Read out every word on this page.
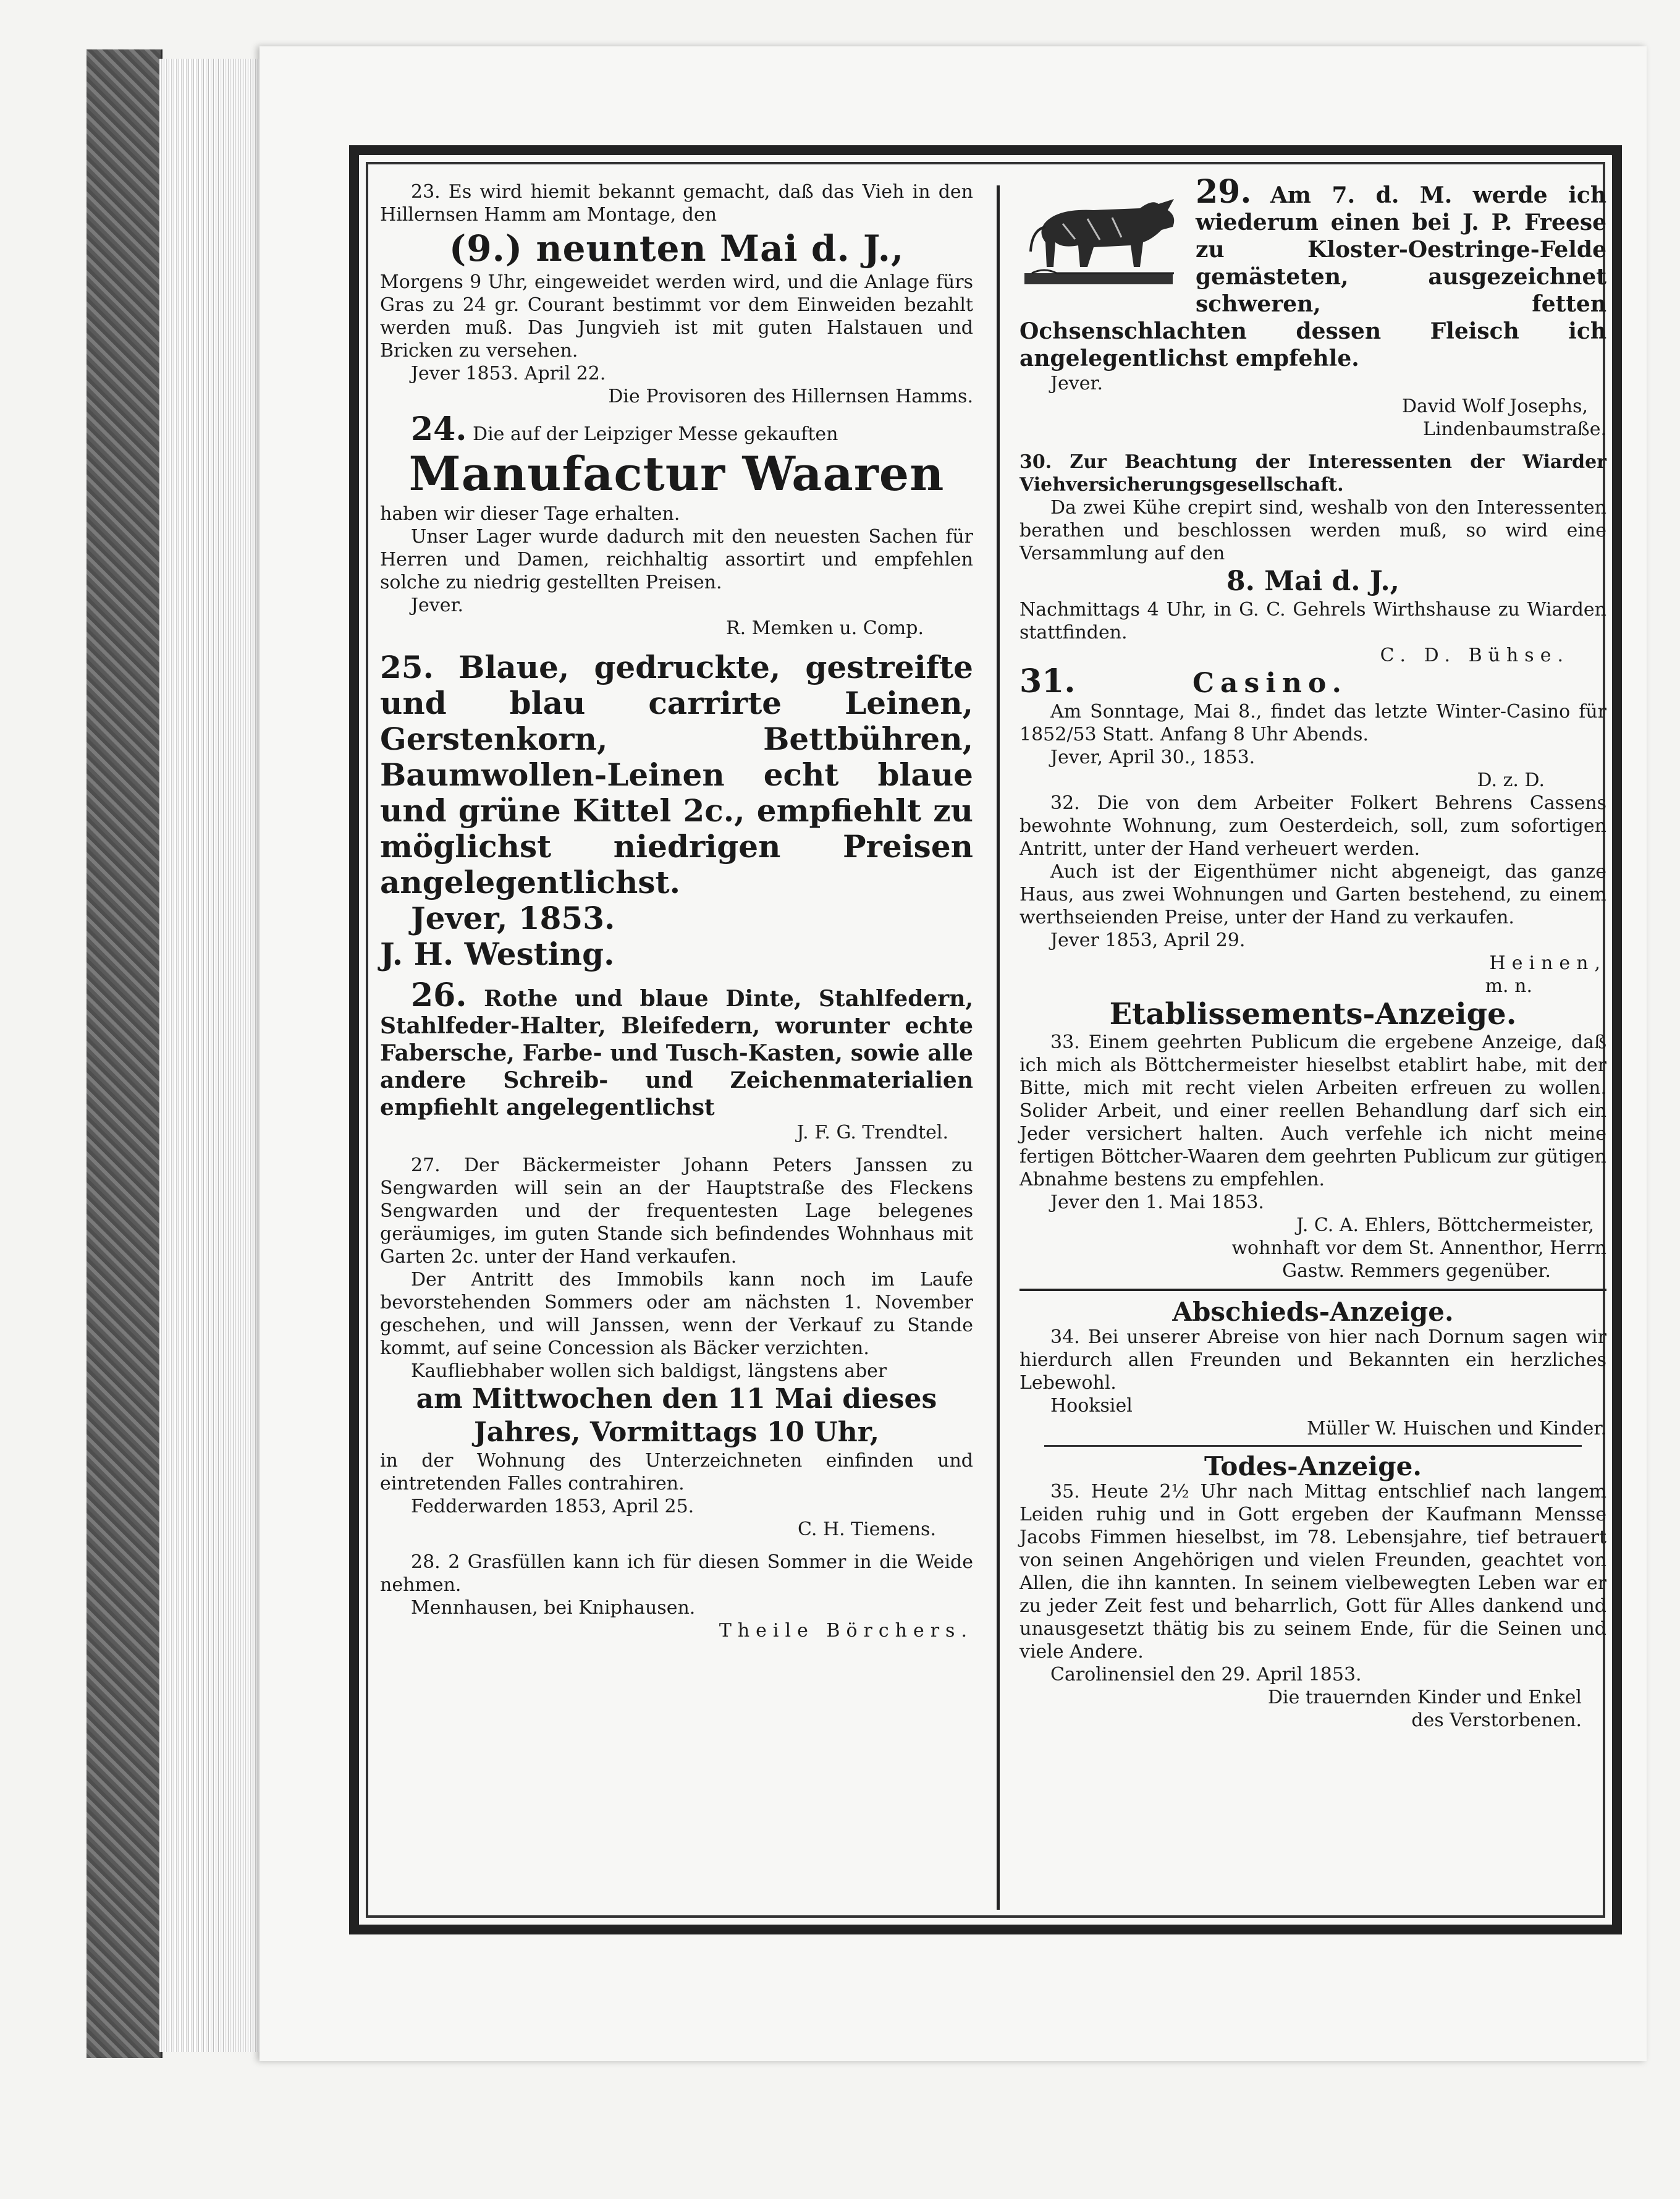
23. Es wird hiemit bekannt gemacht, daß das Vieh in den Hillernsen Hamm am Montage, den

(9.) neunten Mai d. J.,

Morgens 9 Uhr, eingeweidet werden wird, und die Anlage fürs Gras zu 24 gr. Courant bestimmt vor dem Einweiden bezahlt werden muß. Das Jungvieh ist mit guten Halstauen und Bricken zu versehen.

Jever 1853. April 22.

Die Provisoren des Hillernsen Hamms.

24. Die auf der Leipziger Messe gekauften

Manufactur Waaren

haben wir dieser Tage erhalten.

Unser Lager wurde dadurch mit den neuesten Sachen für Herren und Damen, reichhaltig assortirt und empfehlen solche zu niedrig gestellten Preisen.

Jever.

R. Memken u. Comp.

25. Blaue, gedruckte, gestreifte und blau carrirte Leinen, Gerstenkorn, Bettbühren, Baumwollen-Leinen echt blaue und grüne Kittel 2c., empfiehlt zu möglichst niedrigen Preisen angelegentlichst.

Jever, 1853.

J. H. Westing.

26. Rothe und blaue Dinte, Stahlfedern, Stahlfeder-Halter, Bleifedern, worunter echte Fabersche, Farbe- und Tusch-Kasten, sowie alle andere Schreib- und Zeichenmaterialien empfiehlt angelegentlichst

J. F. G. Trendtel.

27. Der Bäckermeister Johann Peters Janssen zu Sengwarden will sein an der Hauptstraße des Fleckens Sengwarden und der frequentesten Lage belegenes geräumiges, im guten Stande sich befindendes Wohnhaus mit Garten 2c. unter der Hand verkaufen.

Der Antritt des Immobils kann noch im Laufe bevorstehenden Sommers oder am nächsten 1. November geschehen, und will Janssen, wenn der Verkauf zu Stande kommt, auf seine Concession als Bäcker verzichten.

Kaufliebhaber wollen sich baldigst, längstens aber

am Mittwochen den 11 Mai dieses Jahres, Vormittags 10 Uhr,

in der Wohnung des Unterzeichneten einfinden und eintretenden Falles contrahiren.

Fedderwarden 1853, April 25.

C. H. Tiemens.

28. 2 Grasfüllen kann ich für diesen Sommer in die Weide nehmen.

Mennhausen, bei Kniphausen.

Theile Börchers.

29. Am 7. d. M. werde ich wiederum einen bei J. P. Freese zu Kloster-Oestringe-Felde gemästeten, ausgezeichnet schweren, fetten Ochsenschlachten dessen Fleisch ich angelegentlichst empfehle.

Jever.

David Wolf Josephs,

Lindenbaumstraße.

30. Zur Beachtung der Interessenten der Wiarder Viehversicherungsgesellschaft.

Da zwei Kühe crepirt sind, weshalb von den Interessenten berathen und beschlossen werden muß, so wird eine Versammlung auf den

8. Mai d. J.,

Nachmittags 4 Uhr, in G. C. Gehrels Wirthshause zu Wiarden stattfinden.

C. D. Bühse.

31.	Casino.

Am Sonntage, Mai 8., findet das letzte Winter-Casino für 1852/53 Statt. Anfang 8 Uhr Abends.

Jever, April 30., 1853.

D. z. D.

32. Die von dem Arbeiter Folkert Behrens Cassens bewohnte Wohnung, zum Oesterdeich, soll, zum sofortigen Antritt, unter der Hand verheuert werden.

Auch ist der Eigenthümer nicht abgeneigt, das ganze Haus, aus zwei Wohnungen und Garten bestehend, zu einem werthseienden Preise, unter der Hand zu verkaufen.

Jever 1853, April 29.

Heinen,

m. n.

Etablissements-Anzeige.

33. Einem geehrten Publicum die ergebene Anzeige, daß ich mich als Böttchermeister hieselbst etablirt habe, mit der Bitte, mich mit recht vielen Arbeiten erfreuen zu wollen. Solider Arbeit, und einer reellen Behandlung darf sich ein Jeder versichert halten. Auch verfehle ich nicht meine fertigen Böttcher-Waaren dem geehrten Publicum zur gütigen Abnahme bestens zu empfehlen.

Jever den 1. Mai 1853.

J. C. A. Ehlers, Böttchermeister,

wohnhaft vor dem St. Annenthor, Herrn

Gastw. Remmers gegenüber.

Abschieds-Anzeige.

34. Bei unserer Abreise von hier nach Dornum sagen wir hierdurch allen Freunden und Bekannten ein herzliches Lebewohl.

Hooksiel

Müller W. Huischen und Kinder.

Todes-Anzeige.

35. Heute 2½ Uhr nach Mittag entschlief nach langem Leiden ruhig und in Gott ergeben der Kaufmann Mensse Jacobs Fimmen hieselbst, im 78. Lebensjahre, tief betrauert von seinen Angehörigen und vielen Freunden, geachtet von Allen, die ihn kannten. In seinem vielbewegten Leben war er zu jeder Zeit fest und beharrlich, Gott für Alles dankend und unausgesetzt thätig bis zu seinem Ende, für die Seinen und viele Andere.

Carolinensiel den 29. April 1853.

Die trauernden Kinder und Enkel

des Verstorbenen.
